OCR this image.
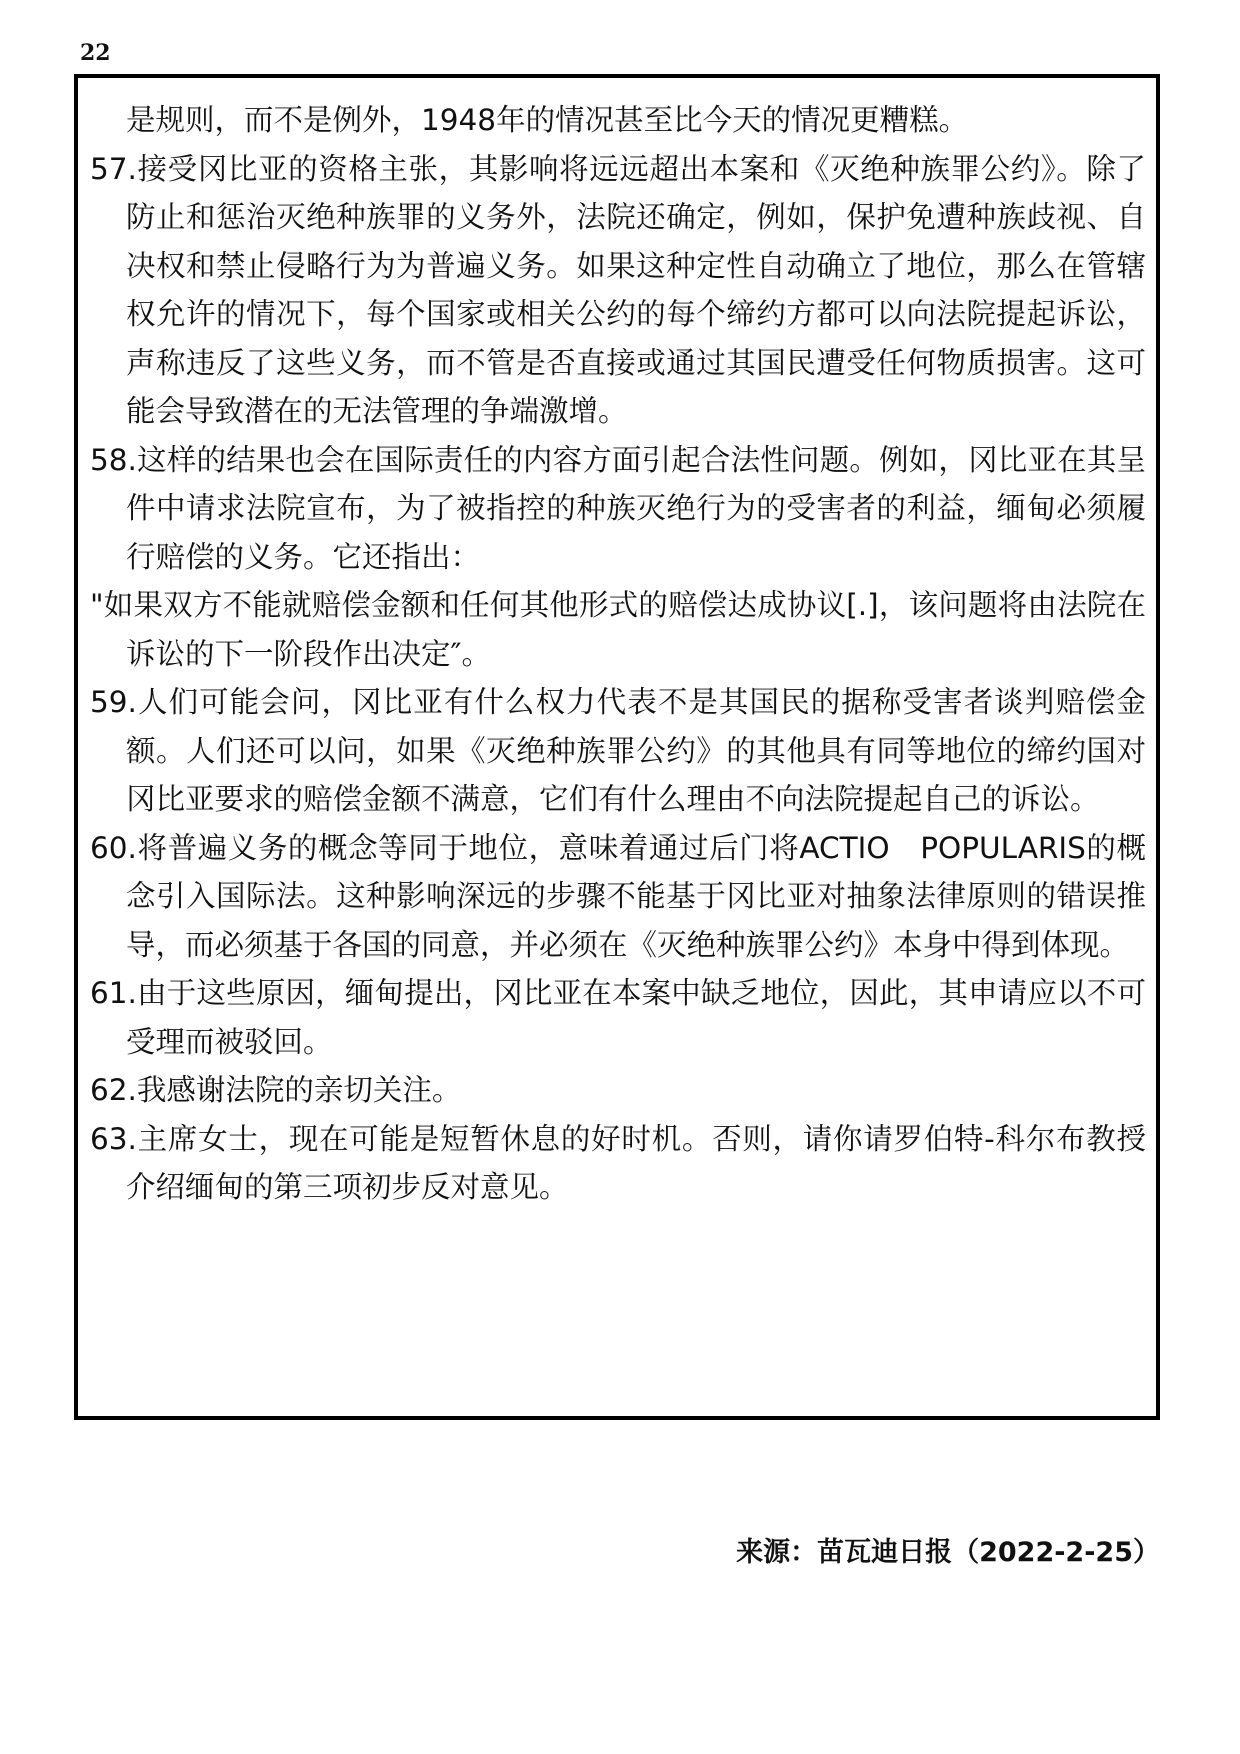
22
是规则，而不是例外，1948年的情况甚至比今天的情况更糟糕。
57.接受冈比亚的资格主张，其影响将远远超出本案和《灭绝种族罪公约》。除了防止和惩治灭绝种族罪的义务外，法院还确定，例如，保护免遭种族歧视、自决权和禁止侵略行为为普遍义务。如果这种定性自动确立了地位，那么在管辖权允许的情况下，每个国家或相关公约的每个缔约方都可以向法院提起诉讼，声称违反了这些义务，而不管是否直接或通过其国民遭受任何物质损害。这可能会导致潜在的无法管理的争端激增。
58.这样的结果也会在国际责任的内容方面引起合法性问题。例如，冈比亚在其呈件中请求法院宣布，为了被指控的种族灭绝行为的受害者的利益，缅甸必须履行赔偿的义务。它还指出：
"如果双方不能就赔偿金额和任何其他形式的赔偿达成协议[.]，该问题将由法院在诉讼的下一阶段作出决定″。
59.人们可能会问，冈比亚有什么权力代表不是其国民的据称受害者谈判赔偿金额。人们还可以问，如果《灭绝种族罪公约》的其他具有同等地位的缔约国对冈比亚要求的赔偿金额不满意，它们有什么理由不向法院提起自己的诉讼。
60.将普遍义务的概念等同于地位，意味着通过后门将ACTIO　POPULARIS的概念引入国际法。这种影响深远的步骤不能基于冈比亚对抽象法律原则的错误推导，而必须基于各国的同意，并必须在《灭绝种族罪公约》本身中得到体现。
61.由于这些原因，缅甸提出，冈比亚在本案中缺乏地位，因此，其申请应以不可受理而被驳回。
62.我感谢法院的亲切关注。
63.主席女士，现在可能是短暂休息的好时机。否则，请你请罗伯特-科尔布教授介绍缅甸的第三项初步反对意见。
来源：苗瓦迪日报（2022-2-25）
